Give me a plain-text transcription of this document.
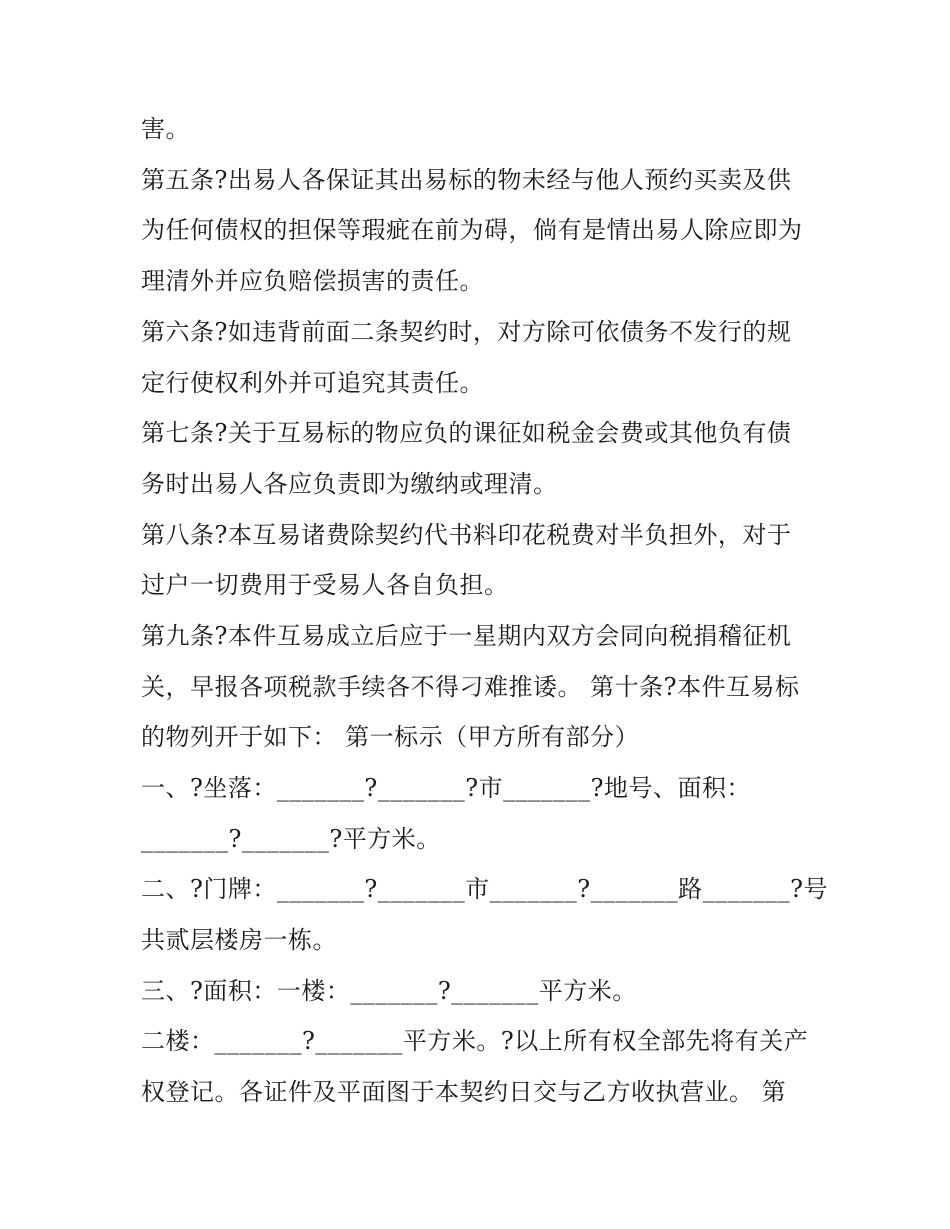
害。
第五条?出易人各保证其出易标的物未经与他人预约买卖及供
为任何债权的担保等瑕疵在前为碍，倘有是情出易人除应即为
理清外并应负赔偿损害的责任。
第六条?如违背前面二条契约时，对方除可依债务不发行的规
定行使权利外并可追究其责任。
第七条?关于互易标的物应负的课征如税金会费或其他负有债
务时出易人各应负责即为缴纳或理清。
第八条?本互易诸费除契约代书料印花税费对半负担外，对于
过户一切费用于受易人各自负担。
第九条?本件互易成立后应于一星期内双方会同向税捐稽征机
关，早报各项税款手续各不得刁难推诿。 第十条?本件互易标
的物列开于如下： 第一标示（甲方所有部分）
一、?坐落：_______?_______?市_______?地号、面积：
_______?_______?平方米。
二、?门牌：_______?_______市_______?_______路_______?号
共贰层楼房一栋。
三、?面积：一楼：_______?_______平方米。
二楼：_______?_______平方米。?以上所有权全部先将有关产
权登记。各证件及平面图于本契约日交与乙方收执营业。 第
